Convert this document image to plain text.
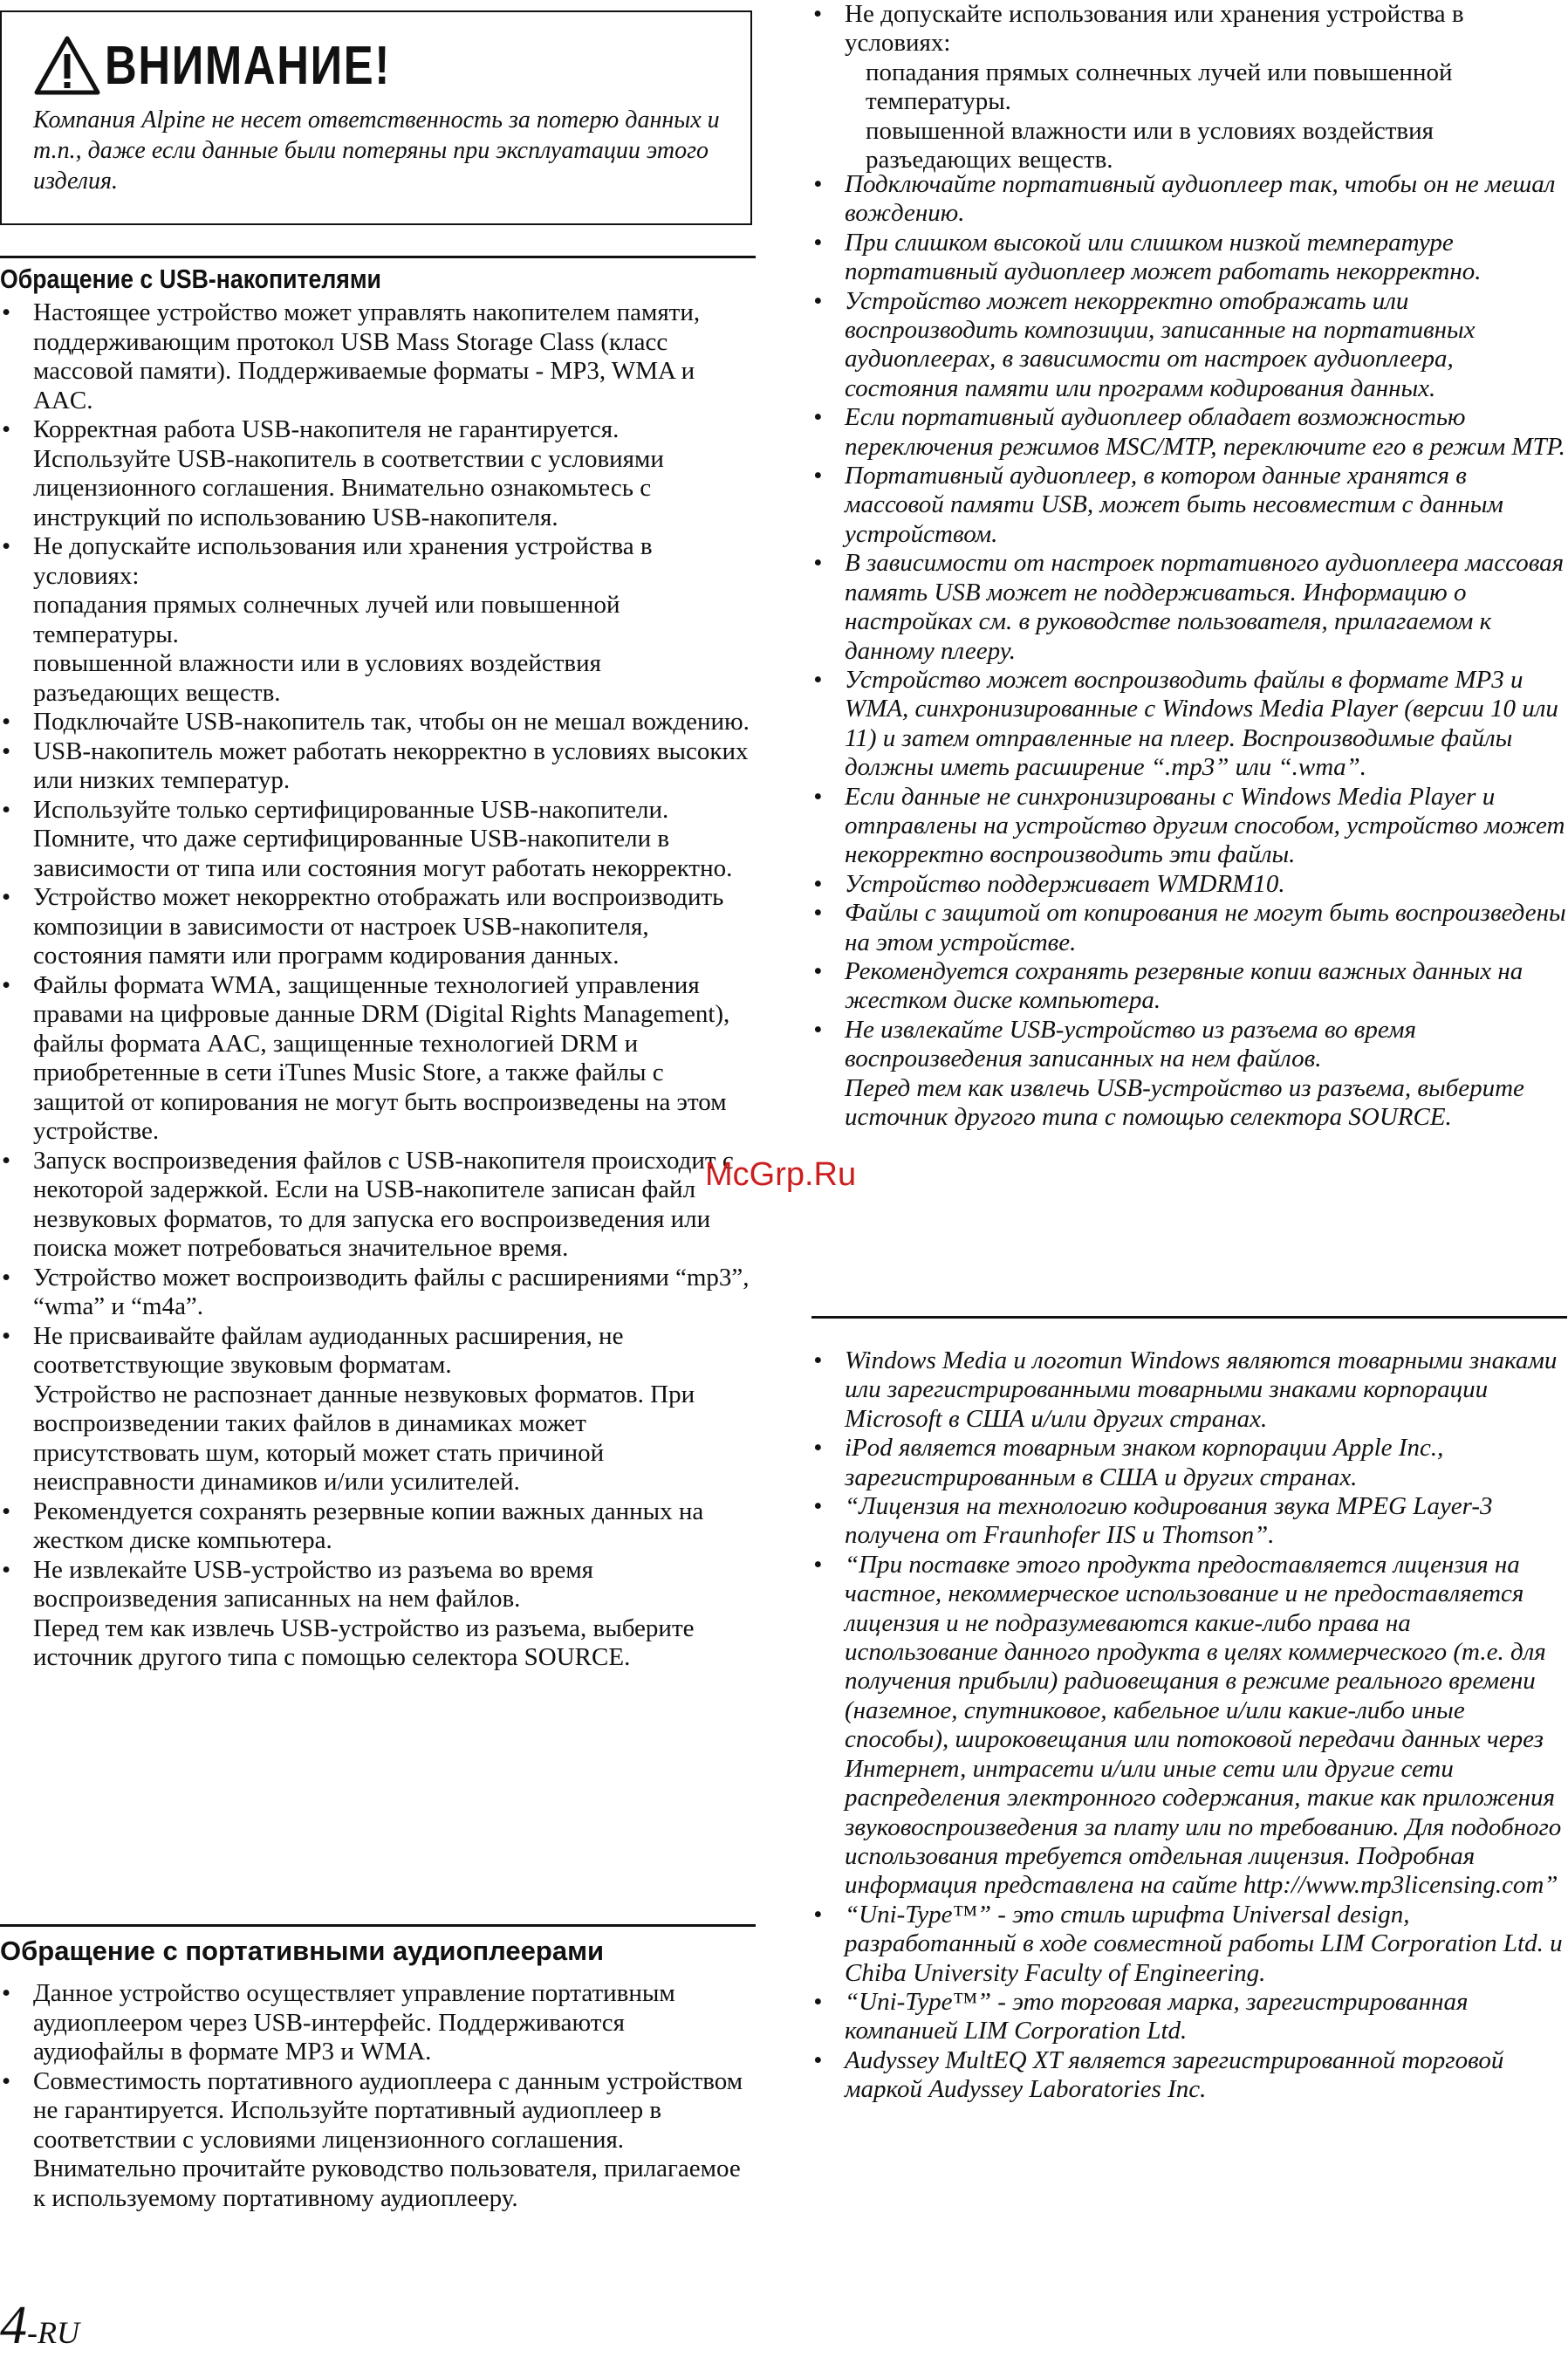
ВНИМАНИЕ!
Компания Alpine не несет ответственность за потерю данных и т.п., даже если данные были потеряны при эксплуатации этого изделия.
Обращение с USB-накопителями
• Настоящее устройство может управлять накопителем памяти, поддерживающим протокол USB Mass Storage Class (класс массовой памяти). Поддерживаемые форматы - MP3, WMA и AAC.
• Корректная работа USB-накопителя не гарантируется. Используйте USB-накопитель в соответствии с условиями лицензионного соглашения. Внимательно ознакомьтесь с инструкций по использованию USB-накопителя.
• Не допускайте использования или хранения устройства в условиях:
попадания прямых солнечных лучей или повышенной температуры.
повышенной влажности или в условиях воздействия разъедающих веществ.
• Подключайте USB-накопитель так, чтобы он не мешал вождению.
• USB-накопитель может работать некорректно в условиях высоких или низких температур.
• Используйте только сертифицированные USB-накопители. Помните, что даже сертифицированные USB-накопители в зависимости от типа или состояния могут работать некорректно.
• Устройство может некорректно отображать или воспроизводить композиции в зависимости от настроек USB-накопителя, состояния памяти или программ кодирования данных.
• Файлы формата WMA, защищенные технологией управления правами на цифровые данные DRM (Digital Rights Management), файлы формата AAC, защищенные технологией DRM и приобретенные в сети iTunes Music Store, а также файлы с защитой от копирования не могут быть воспроизведены на этом устройстве.
• Запуск воспроизведения файлов с USB-накопителя происходит с некоторой задержкой. Если на USB-накопителе записан файл незвуковых форматов, то для запуска его воспроизведения или поиска может потребоваться значительное время.
• Устройство может воспроизводить файлы с расширениями “mp3”, “wma” и “m4a”.
• Не присваивайте файлам аудиоданных расширения, не соответствующие звуковым форматам.
Устройство не распознает данные незвуковых форматов. При воспроизведении таких файлов в динамиках может присутствовать шум, который может стать причиной неисправности динамиков и/или усилителей.
• Рекомендуется сохранять резервные копии важных данных на жестком диске компьютера.
• Не извлекайте USB-устройство из разъема во время воспроизведения записанных на нем файлов.
Перед тем как извлечь USB-устройство из разъема, выберите источник другого типа с помощью селектора SOURCE.
Обращение с портативными аудиоплеерами
• Данное устройство осуществляет управление портативным аудиоплеером через USB-интерфейс. Поддерживаются аудиофайлы в формате MP3 и WMA.
• Совместимость портативного аудиоплеера с данным устройством не гарантируется. Используйте портативный аудиоплеер в соответствии с условиями лицензионного соглашения. Внимательно прочитайте руководство пользователя, прилагаемое к используемому портативному аудиоплееру.
4-RU
• Не допускайте использования или хранения устройства в условиях:
попадания прямых солнечных лучей или повышенной температуры.
повышенной влажности или в условиях воздействия разъедающих веществ.
• Подключайте портативный аудиоплеер так, чтобы он не мешал вождению.
• При слишком высокой или слишком низкой температуре портативный аудиоплеер может работать некорректно.
• Устройство может некорректно отображать или воспроизводить композиции, записанные на портативных аудиоплеерах, в зависимости от настроек аудиоплеера, состояния памяти или программ кодирования данных.
• Если портативный аудиоплеер обладает возможностью переключения режимов MSC/MTP, переключите его в режим MTP.
• Портативный аудиоплеер, в котором данные хранятся в массовой памяти USB, может быть несовместим с данным устройством.
• В зависимости от настроек портативного аудиоплеера массовая память USB может не поддерживаться. Информацию о настройках см. в руководстве пользователя, прилагаемом к данному плееру.
• Устройство может воспроизводить файлы в формате MP3 и WMA, синхронизированные с Windows Media Player (версии 10 или 11) и затем отправленные на плеер. Воспроизводимые файлы должны иметь расширение “.mp3” или “.wma”.
• Если данные не синхронизированы с Windows Media Player и отправлены на устройство другим способом, устройство может некорректно воспроизводить эти файлы.
• Устройство поддерживает WMDRM10.
• Файлы с защитой от копирования не могут быть воспроизведены на этом устройстве.
• Рекомендуется сохранять резервные копии важных данных на жестком диске компьютера.
• Не извлекайте USB-устройство из разъема во время воспроизведения записанных на нем файлов.
Перед тем как извлечь USB-устройство из разъема, выберите источник другого типа с помощью селектора SOURCE.
• Windows Media и логотип Windows являются товарными знаками или зарегистрированными товарными знаками корпорации Microsoft в США и/или других странах.
• iPod является товарным знаком корпорации Apple Inc., зарегистрированным в США и других странах.
• “Лицензия на технологию кодирования звука MPEG Layer-3 получена от Fraunhofer IIS и Thomson”.
• “При поставке этого продукта предоставляется лицензия на частное, некоммерческое использование и не предоставляется лицензия и не подразумеваются какие-либо права на использование данного продукта в целях коммерческого (т.е. для получения прибыли) радиовещания в режиме реального времени (наземное, спутниковое, кабельное и/или какие-либо иные способы), широковещания или потоковой передачи данных через Интернет, интрасети и/или иные сети или другие сети распределения электронного содержания, такие как приложения звуковоспроизведения за плату или по требованию. Для подобного использования требуется отдельная лицензия. Подробная информация представлена на сайте http://www.mp3licensing.com”
• “Uni-Type™” - это стиль шрифта Universal design, разработанный в ходе совместной работы LIM Corporation Ltd. и Chiba University Faculty of Engineering.
• “Uni-Type™” - это торговая марка, зарегистрированная компанией LIM Corporation Ltd.
• Audyssey MultEQ XT является зарегистрированной торговой маркой Audyssey Laboratories Inc.
McGrp.Ru
